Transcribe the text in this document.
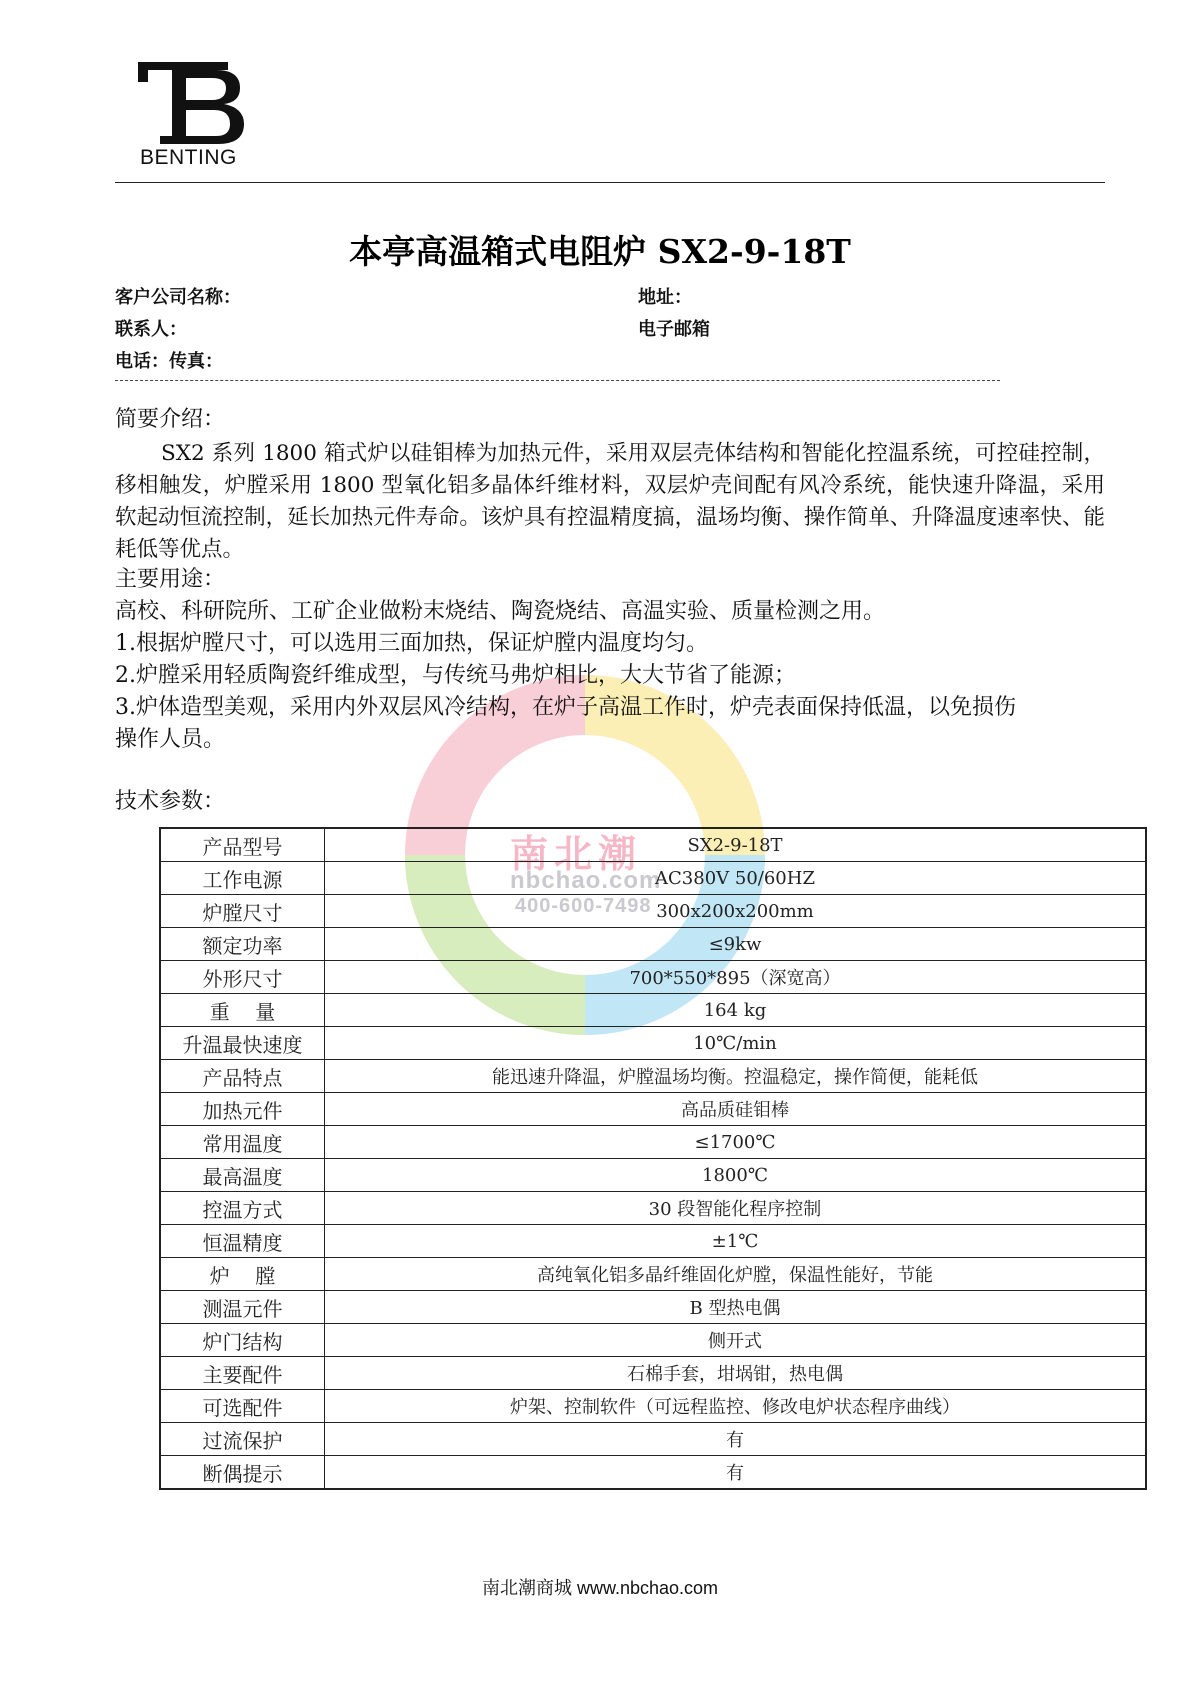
BENTING
本亭高温箱式电阻炉 SX2-9-18T
客户公司名称：	地址：
联系人：	电子邮箱
电话：传真：
南北潮
nbchao.com
400-600-7498
简要介绍：
SX2 系列 1800 箱式炉以硅钼棒为加热元件，采用双层壳体结构和智能化控温系统，可控硅控制，移相触发，炉膛采用 1800 型氧化铝多晶体纤维材料，双层炉壳间配有风冷系统，能快速升降温，采用软起动恒流控制，延长加热元件寿命。该炉具有控温精度搞，温场均衡、操作简单、升降温度速率快、能耗低等优点。
主要用途：
高校、科研院所、工矿企业做粉末烧结、陶瓷烧结、高温实验、质量检测之用。
1.根据炉膛尺寸，可以选用三面加热，保证炉膛内温度均匀。
2.炉膛采用轻质陶瓷纤维成型，与传统马弗炉相比，大大节省了能源；
3.炉体造型美观，采用内外双层风冷结构，在炉子高温工作时，炉壳表面保持低温，以免损伤
操作人员。
技术参数：
产品型号	SX2-9-18T
工作电源	AC380V 50/60HZ
炉膛尺寸	300x200x200mm
额定功率	≤9kw
外形尺寸	700*550*895（深宽高）
重    量	164 kg
升温最快速度	10℃/min
产品特点	能迅速升降温，炉膛温场均衡。控温稳定，操作简便，能耗低
加热元件	高品质硅钼棒
常用温度	≤1700℃
最高温度	1800℃
控温方式	30 段智能化程序控制
恒温精度	±1℃
炉    膛	高纯氧化铝多晶纤维固化炉膛，保温性能好，节能
测温元件	B 型热电偶
炉门结构	侧开式
主要配件	石棉手套，坩埚钳，热电偶
可选配件	炉架、控制软件（可远程监控、修改电炉状态程序曲线）
过流保护	有
断偶提示	有
南北潮商城 www.nbchao.com
